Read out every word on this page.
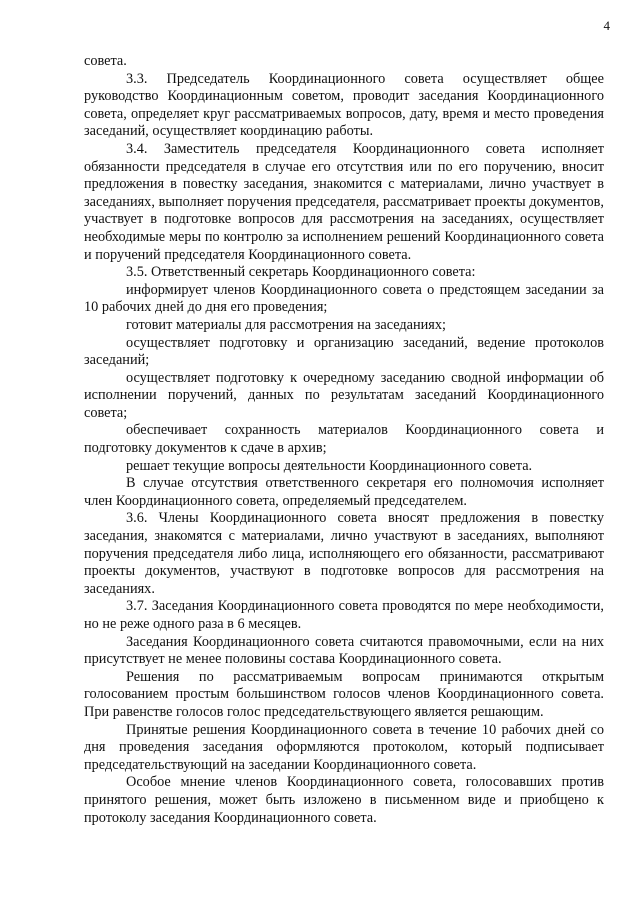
4

совета.

3.3. Председатель Координационного совета осуществляет общее руководство Координационным советом, проводит заседания Координационного совета, определяет круг рассматриваемых вопросов, дату, время и место проведения заседаний, осуществляет координацию работы.

3.4. Заместитель председателя Координационного совета исполняет обязанности председателя в случае его отсутствия или по его поручению, вносит предложения в повестку заседания, знакомится с материалами, лично участвует в заседаниях, выполняет поручения председателя, рассматривает проекты документов, участвует в подготовке вопросов для рассмотрения на заседаниях, осуществляет необходимые меры по контролю за исполнением решений Координационного совета и поручений председателя Координационного совета.

3.5. Ответственный секретарь Координационного совета:

информирует членов Координационного совета о предстоящем заседании за 10 рабочих дней до дня его проведения;

готовит материалы для рассмотрения на заседаниях;

осуществляет подготовку и организацию заседаний, ведение протоколов заседаний;

осуществляет подготовку к очередному заседанию сводной информации об исполнении поручений, данных по результатам заседаний Координационного совета;

обеспечивает сохранность материалов Координационного совета и подготовку документов к сдаче в архив;

решает текущие вопросы деятельности Координационного совета.

В случае отсутствия ответственного секретаря его полномочия исполняет член Координационного совета, определяемый председателем.

3.6. Члены Координационного совета вносят предложения в повестку заседания, знакомятся с материалами, лично участвуют в заседаниях, выполняют поручения председателя либо лица, исполняющего его обязанности, рассматривают проекты документов, участвуют в подготовке вопросов для рассмотрения на заседаниях.

3.7. Заседания Координационного совета проводятся по мере необходимости, но не реже одного раза в 6 месяцев.

Заседания Координационного совета считаются правомочными, если на них присутствует не менее половины состава Координационного совета.

Решения по рассматриваемым вопросам принимаются открытым голосованием простым большинством голосов членов Координационного совета. При равенстве голосов голос председательствующего является решающим.

Принятые решения Координационного совета в течение 10 рабочих дней со дня проведения заседания оформляются протоколом, который подписывает председательствующий на заседании Координационного совета.

Особое мнение членов Координационного совета, голосовавших против принятого решения, может быть изложено в письменном виде и приобщено к протоколу заседания Координационного совета.
